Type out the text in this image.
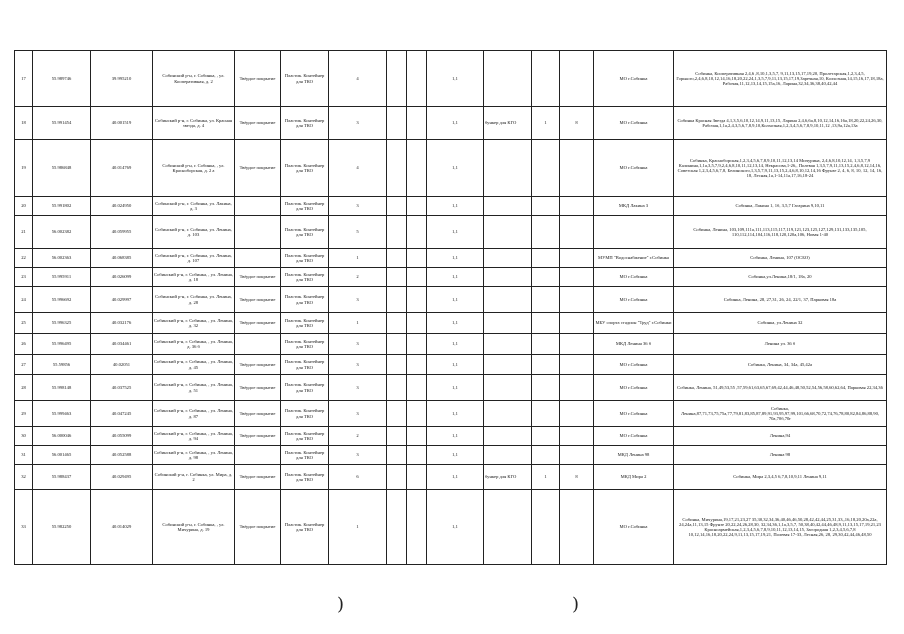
17	55.989746	39.995210	Собинский р-н, г. Собинка, , ул. Кооперативная, д. 2	Твёрдое покрытие	Пластик. Контейнер для ТКО	4			1,1				МО г.Собинка	Собинка, Кооперативная 2,4,6 ,8,10,1,3,5,7, 9,11,13,15,17,19,20, Пролетарская,1,2,3,4,5, Горького,2,4,6,8,10,12,14,16,18,20,22,24,1,3,5,7,9,11,13,15,17,19,Заречная,10, Колхозная,14,15,16,17,18,18а, Рабочая,11,12,13,14,15,15а,16, Ларина,32,34,36,38,40,42,44
18	55.991454	40.001519	Собинский р-н, г. Собинка, ул. Красная звезда, д. 4	Твёрдое покрытие	Пластик. Контейнер для ТКО	3			1,1	бункер для КГО	1	8	МО г.Собинка	Собинка Красная Звезда 4,1,3,5,6,10,12,14,9,11,13,15, Ларина 2,4,6,6а,8,10,12,14,16,16а,18,20,22,24,26,30, Рабочая,1,1а,2,4,3,5,6,7,8,9,10,Колхозная,1,2,3,4,5,6,7,8,9,10,11,12 ,13,9а,12а,13а
19	55.986848	40.014769	Собинский р-н, г. Собинка, , ул. Красноборская, д. 2 а	Твёрдое покрытие	Пластик. Контейнер для ТКО	4			1,1				МО г.Собинка	Собинка, Красноборская,1,2,3,4,5,6,7,8,9,10,11,12,13,14 Мичурина, 2,4,6,8,10,12,14, 1,3,5,7,9 Калинина,1,1а,3,5,7,9,2,4,6,8,10,11,12,13,14, Некрасова,1-26,, Полевая 1,3,5,7,9,11,13,15,2,4,6,8,12,14,16, Советская 1,2,3,4,5,6,7,8, Белинского,1,3,5,7,9,11,13,15,2,4,6,8,10,12,14,16 Фрунзе 2, 4, 6, 8, 10, 12, 14, 16, 18, Лесная,1а,1-14,11а,17,16,18-24
20	55.991802	40.024950	Собинский р-н, г. Собинка, ул. Лакина, д. 3		Пластик. Контейнер для ТКО	3			1,1				МКД Лакина 3	Собинка, Лакина 1, 1б, 3,5,7 Гагарина 9,10,11
21	56.002382	40.059955	Собинский р-н, г. Собинка, ул. Ленина, д. 103		Пластик. Контейнер для ТКО	5			1,1					Собинка, Ленина, 103,109,111а,111,113,115,117,119,121,123,125,127,129,131,133,135,105, 110,112,114,104,116,118,120,120а,106, Новая 1-40
22	56.002363	40.068385	Собинский р-н, г. Собинка, ул. Ленина, д. 107		Пластик. Контейнер для ТКО	1			1,1				МУМП "Водоснабжение" г.Собинка	Собинка, Ленина, 107 (ОСБО)
23	55.995911	40.026099	Собинский р-н, г. Собинка, , ул. Ленина, д. 18	Твёрдое покрытие	Пластик. Контейнер для ТКО	2			1,1				МО г.Собинка	Собинка,ул.Ленина,18/1, 18а, 20
24	55.996692	40.029997	Собинский р-н, г. Собинка, ул. Ленина, д. 28	Твёрдое покрытие	Пластик. Контейнер для ТКО	3			1,1				МО г.Собинка	Собинка, Ленина, 28, 27,31, 26, 24, 22/1, 37, Парковая 18а
25	55.996325	40.032176	Собинский р-н, г. Собинка, , ул. Ленина, д. 32	Твёрдое покрытие	Пластик. Контейнер для ТКО	1			1,1				МБУ спорта стадион "Труд" г.Собинки	Собинка, ул.Ленина 32
26	55.996495	40.034461	Собинский р-н, г. Собинка, , ул. Ленина, д. 36 б		Пластик. Контейнер для ТКО	3			1,1				МКД Ленина 36 б	Ленина ул. 36 б
27	55.59856	40.02051	Собинский р-н, г. Собинка, , ул. Ленина, д. 45	Твёрдое покрытие	Пластик. Контейнер для ТКО	3			1,1				МО г.Собинка	Собинка, Ленина, 34, 34а, 45,42а
28	55.998148	40.037525	Собинский р-н, г. Собинка, , ул. Ленина, д. 51	Твёрдое покрытие	Пластик. Контейнер для ТКО	3			1,1				МО г.Собинка	Собинка, Ленина, 51,49,53,55 ,57,59,61,63,65,67,69,42,44,46,48,50,52,54,56,58,60,62,64, Парковая 22,34,36
29	55.999463	40.047245	Собинский р-н, г. Собинка, , ул. Ленина, д. 87	Твёрдое покрытие	Пластик. Контейнер для ТКО	3			1,1				МО г.Собинка	Собинка, Ленина,87,71,73,75,75а,77,79,81,83,85,87,89,91,93,95,97,99,101,66,68,70,72,74,76,78,80,82,84,86,88,90, 70а,70б,70г
30	56.000046	40.055099	Собинский р-н, г. Собинка, , ул. Ленина, д. 94	Твёрдое покрытие	Пластик. Контейнер для ТКО	2			1,1				МО г.Собинка	Ленина,94
31	56.001465	40.052588	Собинский р-н, г. Собинка, , ул. Ленина, д. 98		Пластик. Контейнер для ТКО	3			1,1				МКД Ленина 98	Ленина 98
32	55.988437	40.029495	Собинский р-н, г. Собинка, ул. Мира, д. 2	Твёрдое покрытие	Пластик. Контейнер для ТКО	6			1,1	бункер для КГО	1	8	МКД Мира 2	Собинка, Мира 2,3,4,5 6,7,8,10,9,11 Ленина 9,11
33	55.982250	40.014029	Собинский р-н, г. Собинка, , ул. Мичурина, д. 19	Твёрдое покрытие	Пластик. Контейнер для ТКО	1			1,1				МО г.Собинка	Собинка, Мичурина,19,17,21,23,27 35,30,32,34,36,40,46,46,50,28,42,42,44,25,31,33,,16,18,20,20а,22а, 24,24а,11,13,15 Фрунзе 20,22,24,26,28,30, 32,34,36,1,1а,3,5,7, 50,38,40,42,44,46,48,9,11,13,15,17,19,21,23 Красноармейская,1,2,3,4,5,6,7,8,9,10,11,12,13,14,15, Загородная 1,2,3,4,5,6,7,8 10,12,14,16,18,20,22,24,9,11,13,15,17,19,21, Полевая 17-33, Лесная,26, 28, 29,30,42,44,46,48,50
)	)
